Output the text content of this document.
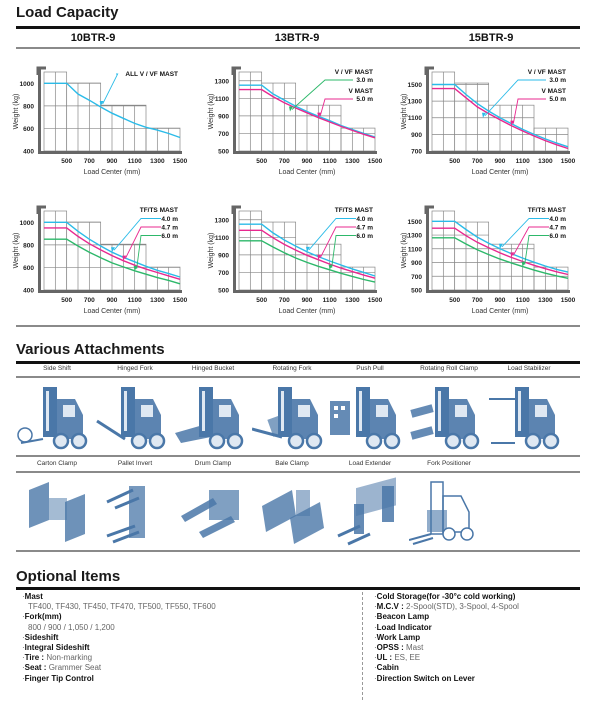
Load Capacity
10BTR-9	13BTR-9	15BTR-9
400
600
800
1000
500 700 900 1100 1300 1500
Load Center (mm)
Weight (kg)
ALL V / VF MAST
500
700
900
1100
1300
500 700 900 1100 1300 1500
Load Center (mm)
Weight (kg)
V / VF MAST
3.0 m
V MAST
5.0 m
700
900
1100
1300
1500
500 700 900 1100 1300 1500
Load Center (mm)
Weight (kg)
V / VF MAST
3.0 m
V MAST
5.0 m
400
600
800
1000
500 700 900 1100 1300 1500
Load Center (mm)
Weight (kg)
TF/TS MAST
4.0 m
4.7 m
6.0 m
500
700
900
1100
1300
500 700 900 1100 1300 1500
Load Center (mm)
Weight (kg)
TF/TS MAST
4.0 m
4.7 m
6.0 m
500
700
900
1100
1300
1500
500 700 900 1100 1300 1500
Load Center (mm)
Weight (kg)
TF/TS MAST
4.0 m
4.7 m
6.0 m
Various Attachments
Side Shift	Hinged Fork	Hinged Bucket	Rotating Fork	Push Pull	Rotating Roll Clamp	Load Stabilizer
Carton Clamp	Pallet Invert	Drum Clamp	Bale Clamp	Load Extender	Fork Positioner
Optional Items
·Mast
TF400, TF430, TF450, TF470, TF500, TF550, TF600
·Fork(mm)
800 / 900 / 1,050 / 1,200
·Sideshift
·Integral Sideshift
·Tire : Non-marking
·Seat : Grammer Seat
·Finger Tip Control
·Cold Storage(for -30°c cold working)
·M.C.V : 2-Spool(STD), 3-Spool, 4-Spool
·Beacon Lamp
·Load Indicator
·Work Lamp
·OPSS : Mast
·UL : ES, EE
·Cabin
·Direction Switch on Lever
